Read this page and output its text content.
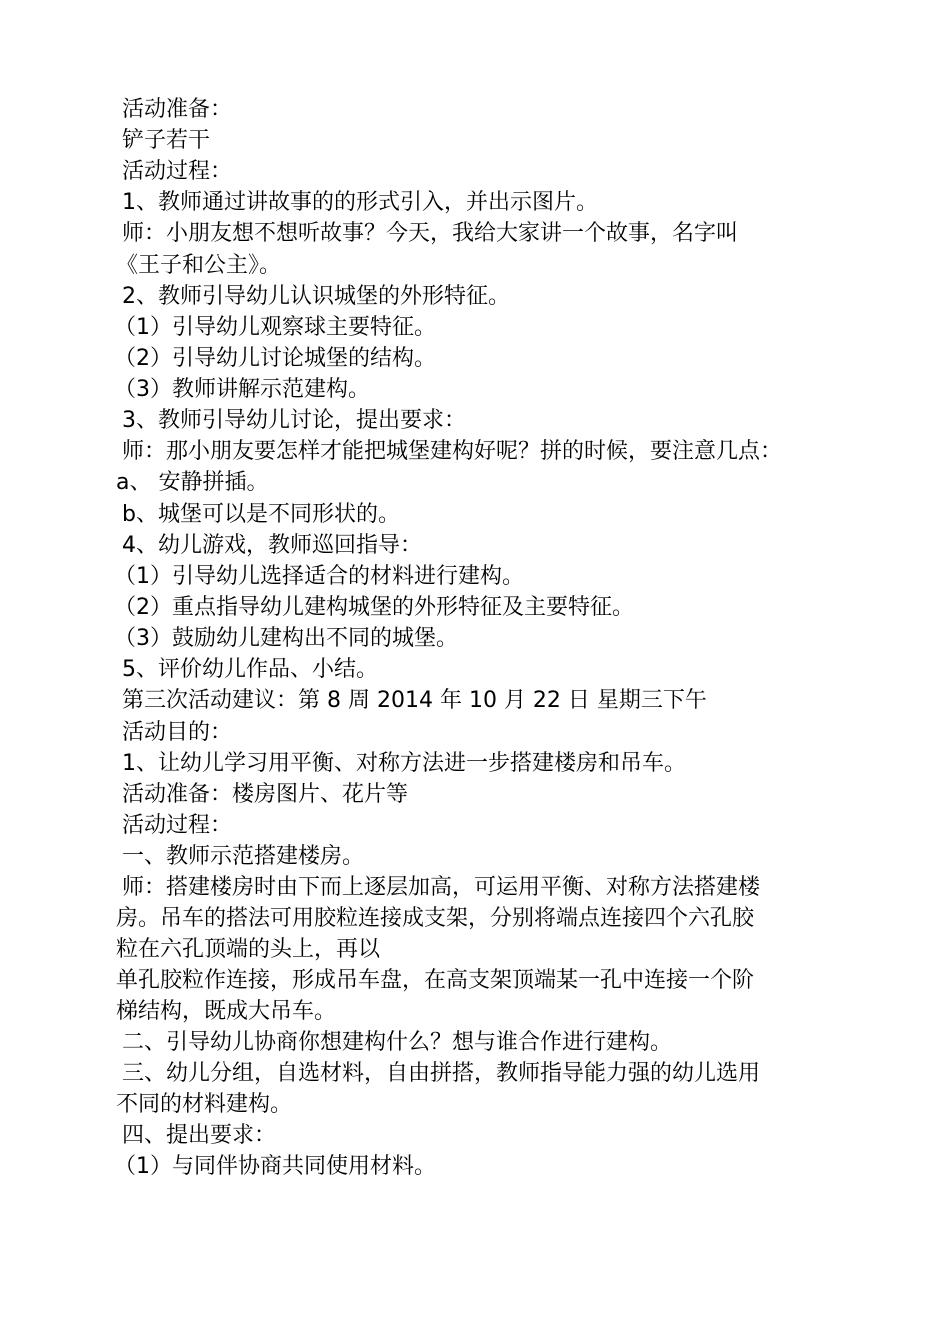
活动准备：
铲子若干
活动过程：
1、教师通过讲故事的的形式引入，并出示图片。
师：小朋友想不想听故事？今天，我给大家讲一个故事，名字叫
《王子和公主》。
2、教师引导幼儿认识城堡的外形特征。
（1）引导幼儿观察球主要特征。
（2）引导幼儿讨论城堡的结构。
（3）教师讲解示范建构。
3、教师引导幼儿讨论，提出要求：
师：那小朋友要怎样才能把城堡建构好呢？拼的时候，要注意几点：
a、 安静拼插。
b、城堡可以是不同形状的。
4、幼儿游戏，教师巡回指导：
（1）引导幼儿选择适合的材料进行建构。
（2）重点指导幼儿建构城堡的外形特征及主要特征。
（3）鼓励幼儿建构出不同的城堡。
5、评价幼儿作品、小结。
第三次活动建议：第 8 周 2014 年 10 月 22 日 星期三下午
活动目的：
1、让幼儿学习用平衡、对称方法进一步搭建楼房和吊车。
活动准备：楼房图片、花片等
活动过程：
一、教师示范搭建楼房。
师：搭建楼房时由下而上逐层加高，可运用平衡、对称方法搭建楼
房。吊车的搭法可用胶粒连接成支架，分别将端点连接四个六孔胶
粒在六孔顶端的头上，再以
单孔胶粒作连接，形成吊车盘，在高支架顶端某一孔中连接一个阶
梯结构，既成大吊车。
二、引导幼儿协商你想建构什么？想与谁合作进行建构。
三、幼儿分组，自选材料，自由拼搭，教师指导能力强的幼儿选用
不同的材料建构。
四、提出要求：
（1）与同伴协商共同使用材料。
